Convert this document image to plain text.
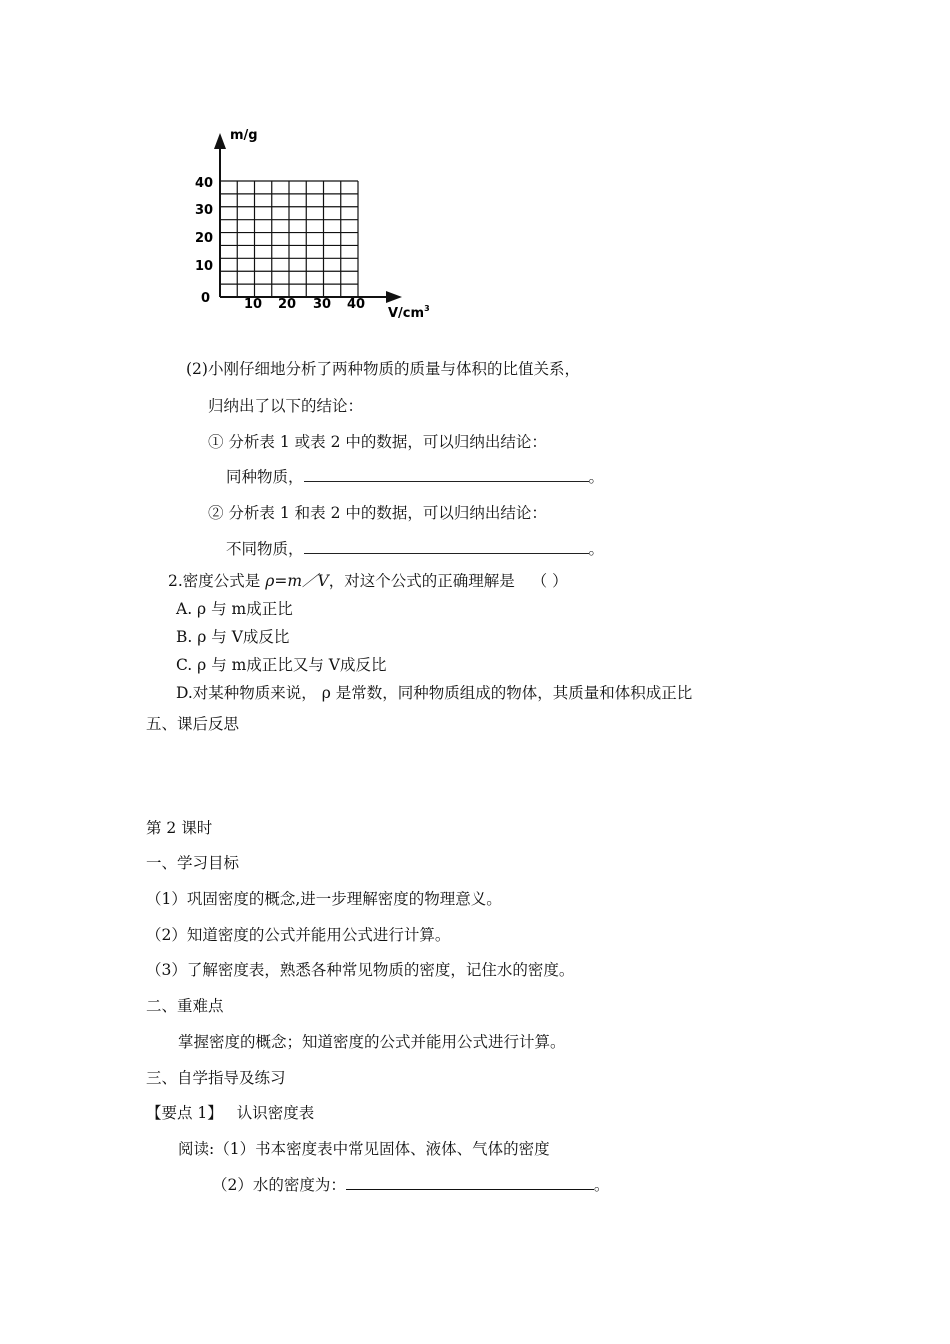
m/g
0
10
20
30
40
10 20 30 40
$V/cm^3$
(2)小刚仔细地分析了两种物质的质量与体积的比值关系，
归纳出了以下的结论：
① 分析表 1 或表 2 中的数据，可以归纳出结论：
同种物质，	。
② 分析表 1 和表 2 中的数据，可以归纳出结论：
不同物质，	。
2.密度公式是 ρ=m／V，对这个公式的正确理解是 （ ）
A. ρ 与 m成正比
B. ρ 与 V成反比
C. ρ 与 m成正比又与 V成反比
D.对某种物质来说， ρ 是常数，同种物质组成的物体，其质量和体积成正比
五、课后反思
第 2 课时
一、学习目标
（1）巩固密度的概念,进一步理解密度的物理意义。
（2）知道密度的公式并能用公式进行计算。
（3）了解密度表，熟悉各种常见物质的密度，记住水的密度。
二、重难点
掌握密度的概念；知道密度的公式并能用公式进行计算。
三、自学指导及练习
【要点 1】 认识密度表
阅读:（1）书本密度表中常见固体、液体、气体的密度
（2）水的密度为：	。
